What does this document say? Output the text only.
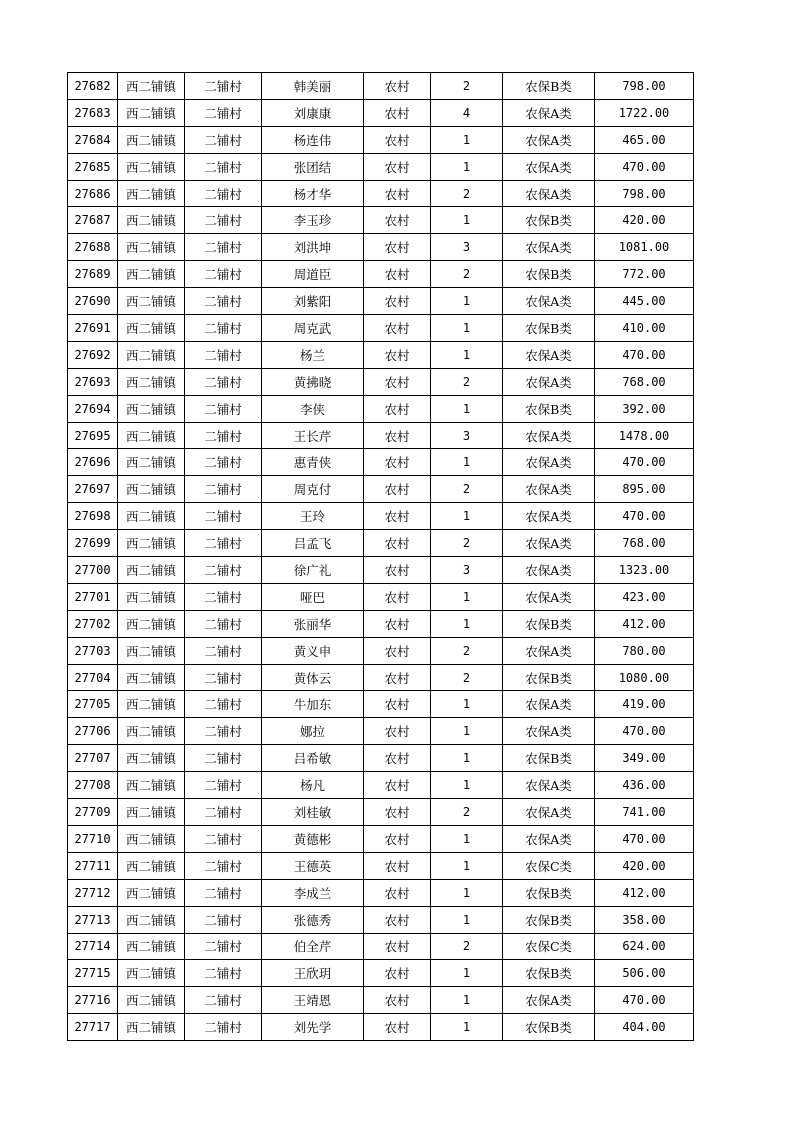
27682	西二铺镇	二铺村	韩美丽	农村	2	农保B类	798.00
27683	西二铺镇	二铺村	刘康康	农村	4	农保A类	1722.00
27684	西二铺镇	二铺村	杨连伟	农村	1	农保A类	465.00
27685	西二铺镇	二铺村	张团结	农村	1	农保A类	470.00
27686	西二铺镇	二铺村	杨才华	农村	2	农保A类	798.00
27687	西二铺镇	二铺村	李玉珍	农村	1	农保B类	420.00
27688	西二铺镇	二铺村	刘洪坤	农村	3	农保A类	1081.00
27689	西二铺镇	二铺村	周道臣	农村	2	农保B类	772.00
27690	西二铺镇	二铺村	刘紫阳	农村	1	农保A类	445.00
27691	西二铺镇	二铺村	周克武	农村	1	农保B类	410.00
27692	西二铺镇	二铺村	杨兰	农村	1	农保A类	470.00
27693	西二铺镇	二铺村	黄拂晓	农村	2	农保A类	768.00
27694	西二铺镇	二铺村	李侠	农村	1	农保B类	392.00
27695	西二铺镇	二铺村	王长芹	农村	3	农保A类	1478.00
27696	西二铺镇	二铺村	惠青侠	农村	1	农保A类	470.00
27697	西二铺镇	二铺村	周克付	农村	2	农保A类	895.00
27698	西二铺镇	二铺村	王玲	农村	1	农保A类	470.00
27699	西二铺镇	二铺村	吕孟飞	农村	2	农保A类	768.00
27700	西二铺镇	二铺村	徐广礼	农村	3	农保A类	1323.00
27701	西二铺镇	二铺村	哑巴	农村	1	农保A类	423.00
27702	西二铺镇	二铺村	张丽华	农村	1	农保B类	412.00
27703	西二铺镇	二铺村	黄义申	农村	2	农保A类	780.00
27704	西二铺镇	二铺村	黄体云	农村	2	农保B类	1080.00
27705	西二铺镇	二铺村	牛加东	农村	1	农保A类	419.00
27706	西二铺镇	二铺村	娜拉	农村	1	农保A类	470.00
27707	西二铺镇	二铺村	吕希敏	农村	1	农保B类	349.00
27708	西二铺镇	二铺村	杨凡	农村	1	农保A类	436.00
27709	西二铺镇	二铺村	刘桂敏	农村	2	农保A类	741.00
27710	西二铺镇	二铺村	黄德彬	农村	1	农保A类	470.00
27711	西二铺镇	二铺村	王德英	农村	1	农保C类	420.00
27712	西二铺镇	二铺村	李成兰	农村	1	农保B类	412.00
27713	西二铺镇	二铺村	张德秀	农村	1	农保B类	358.00
27714	西二铺镇	二铺村	伯全芹	农村	2	农保C类	624.00
27715	西二铺镇	二铺村	王欣玥	农村	1	农保B类	506.00
27716	西二铺镇	二铺村	王靖恩	农村	1	农保A类	470.00
27717	西二铺镇	二铺村	刘先学	农村	1	农保B类	404.00
